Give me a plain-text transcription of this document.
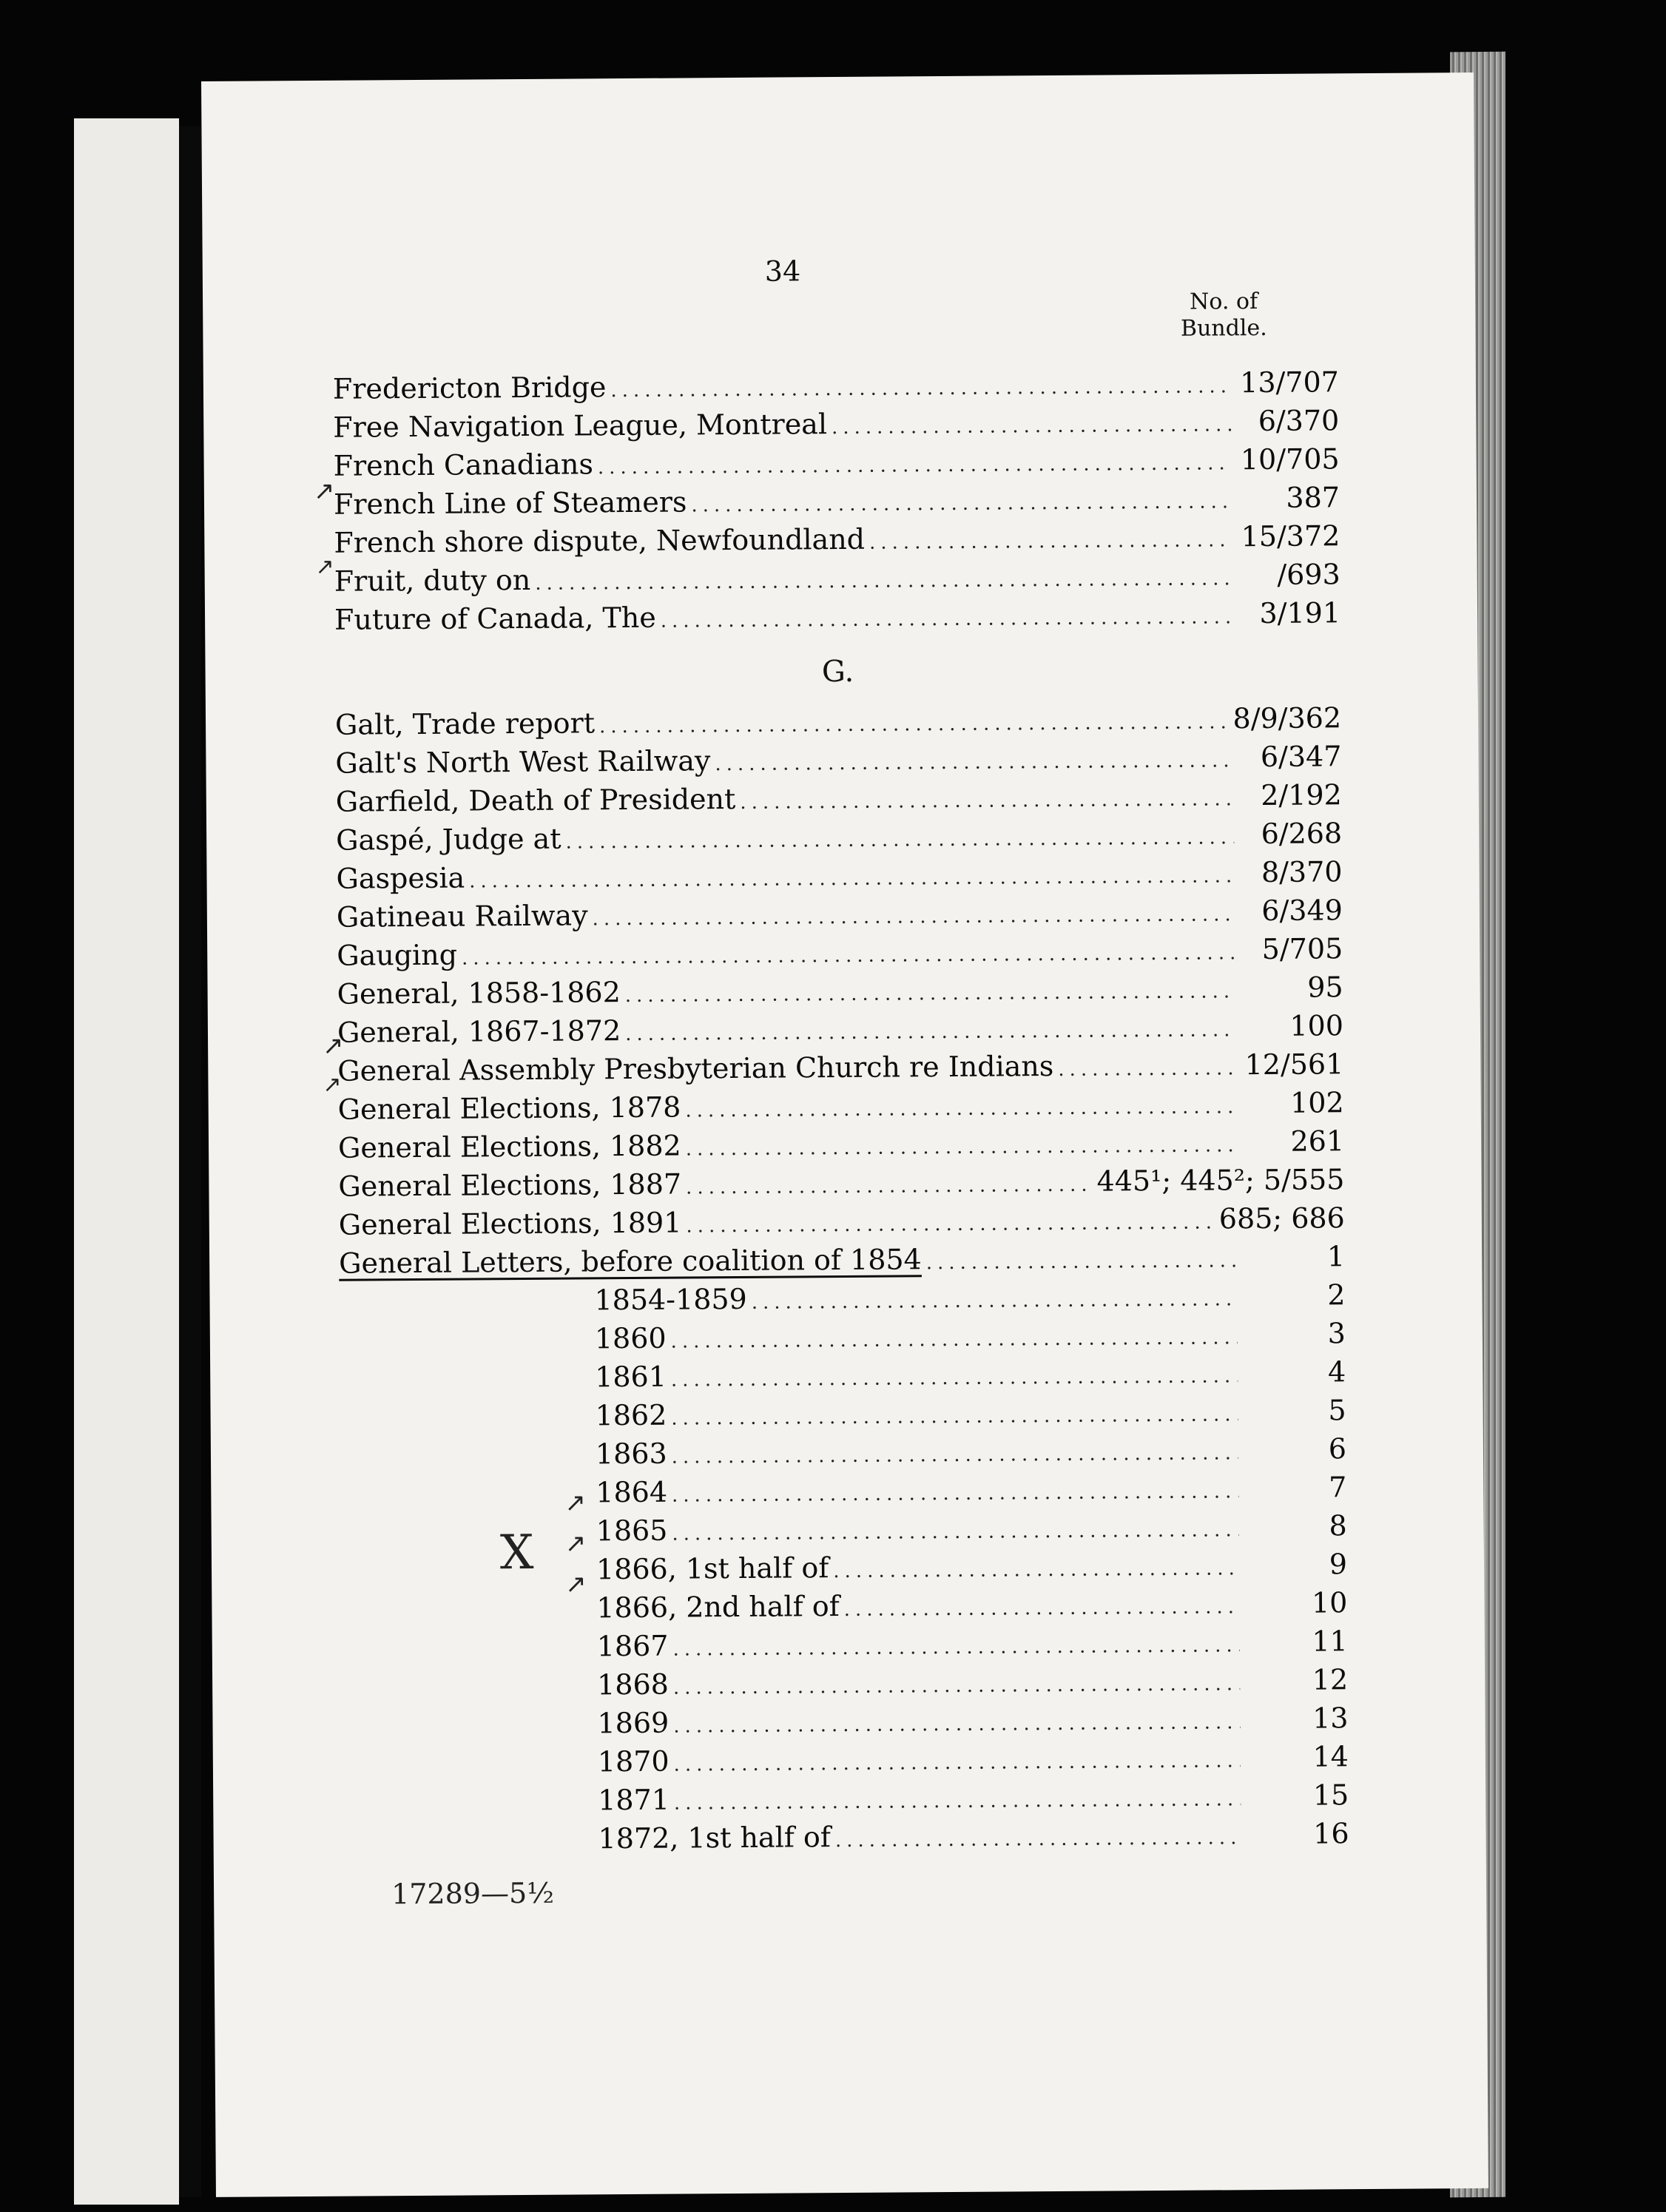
34
No. of
Bundle.
Fredericton Bridge .....	13/707
Free Navigation League, Montreal .....	6/370
French Canadians .....	10/705
French Line of Steamers .....	387
French shore dispute, Newfoundland .....	15/372
Fruit, duty on .....	/693
Future of Canada, The .....	3/191
G.
Galt, Trade report .....	8/9/362
Galt's North West Railway .....	6/347
Garfield, Death of President .....	2/192
Gaspé, Judge at .....	6/268
Gaspesia .....	8/370
Gatineau Railway .....	6/349
Gauging .....	5/705
General, 1858-1862 .....	95
General, 1867-1872 .....	100
General Assembly Presbyterian Church re Indians .....	12/561
General Elections, 1878 .....	102
General Elections, 1882 .....	261
General Elections, 1887 .....	445¹; 445²; 5/555
General Elections, 1891 .....	685; 686
General Letters, before coalition of 1854 .....	1
1854-1859 .....	2
1860 .....	3
1861 .....	4
1862 .....	5
1863 .....	6
1864 .....	7
1865 .....	8
1866, 1st half of .....	9
1866, 2nd half of .....	10
1867 .....	11
1868 .....	12
1869 .....	13
1870 .....	14
1871 .....	15
1872, 1st half of .....	16
↗
↗
↗
↗
↗
↗
↗
X
17289—5½
